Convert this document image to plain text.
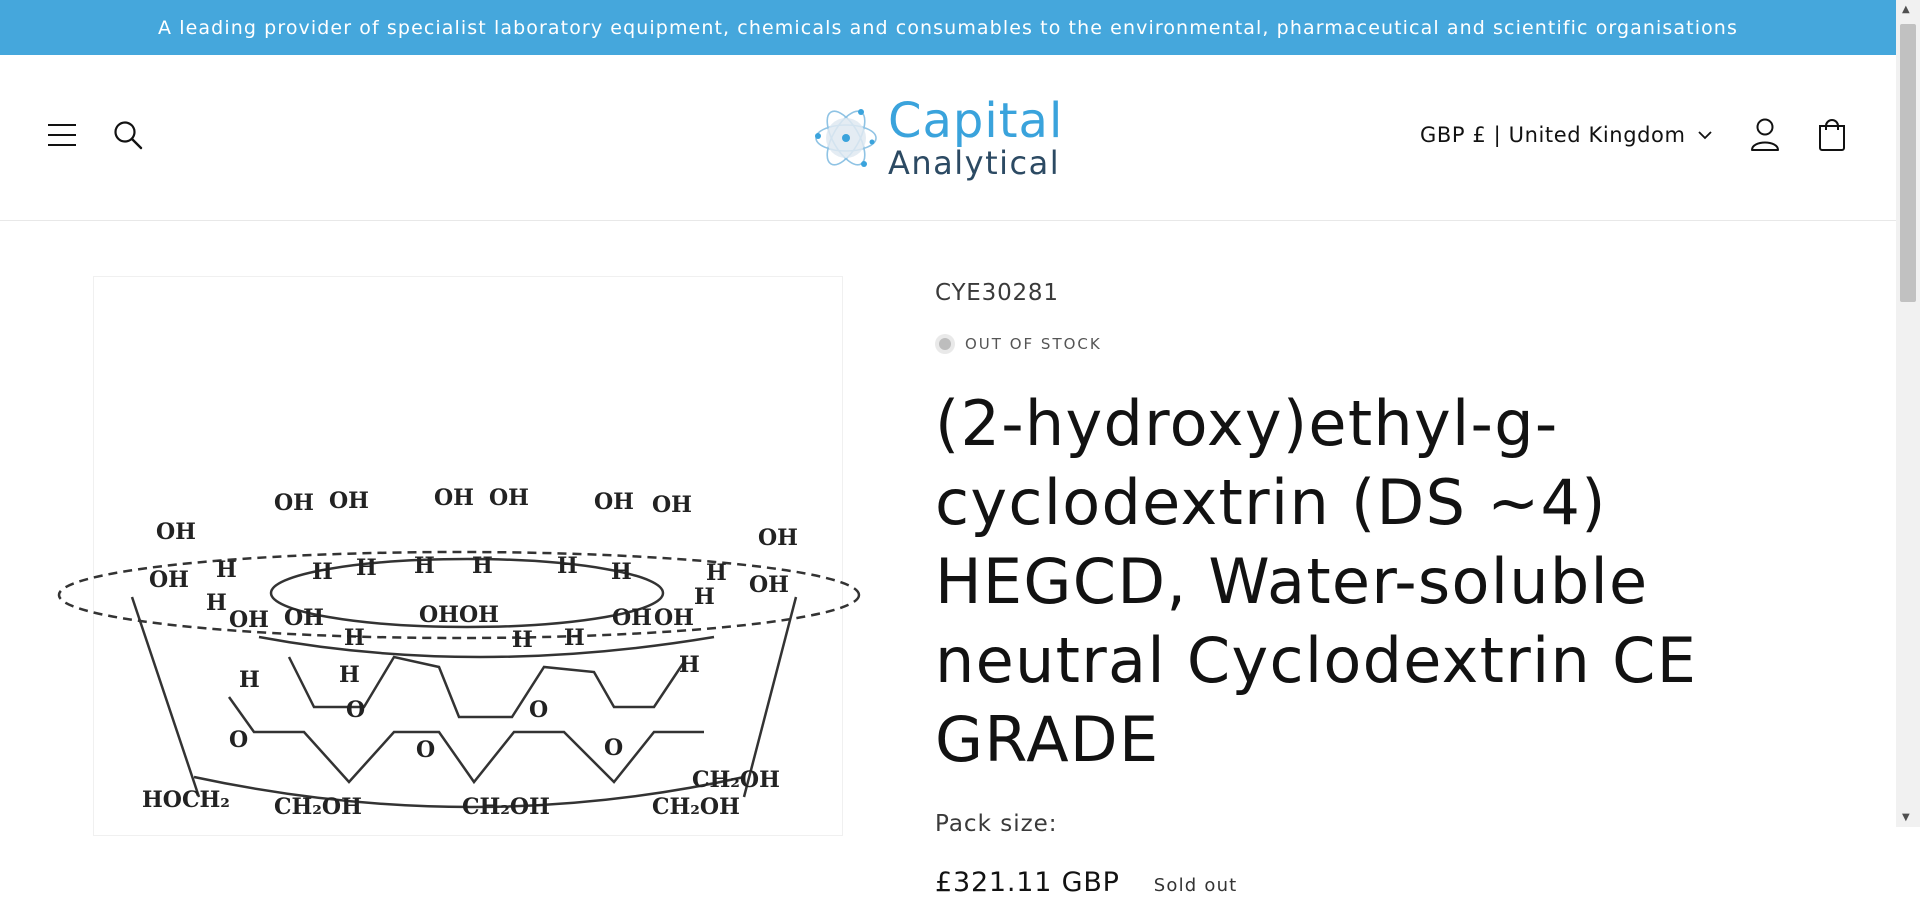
A leading provider of specialist laboratory equipment, chemicals and consumables to the environmental, pharmaceutical and scientific organisations
Capital
Analytical
GBP £ | United Kingdom
OH OH	OH OH	OH OH
OH
OH
OH
OH OH	OHOH	OH OH
OH
H
H
H H H H	H H	H
H
H	H H
H	H	H
O	O
O	O	O
HOCH₂ CH₂OH	CH₂OH	CH₂OH
CH₂OH
CYE30281
OUT OF STOCK
(2-hydroxy)ethyl-g-cyclodextrin (DS ~4) HEGCD, Water-soluble neutral Cyclodextrin CE GRADE
Pack size:
£321.11 GBP Sold out
▲
▼
